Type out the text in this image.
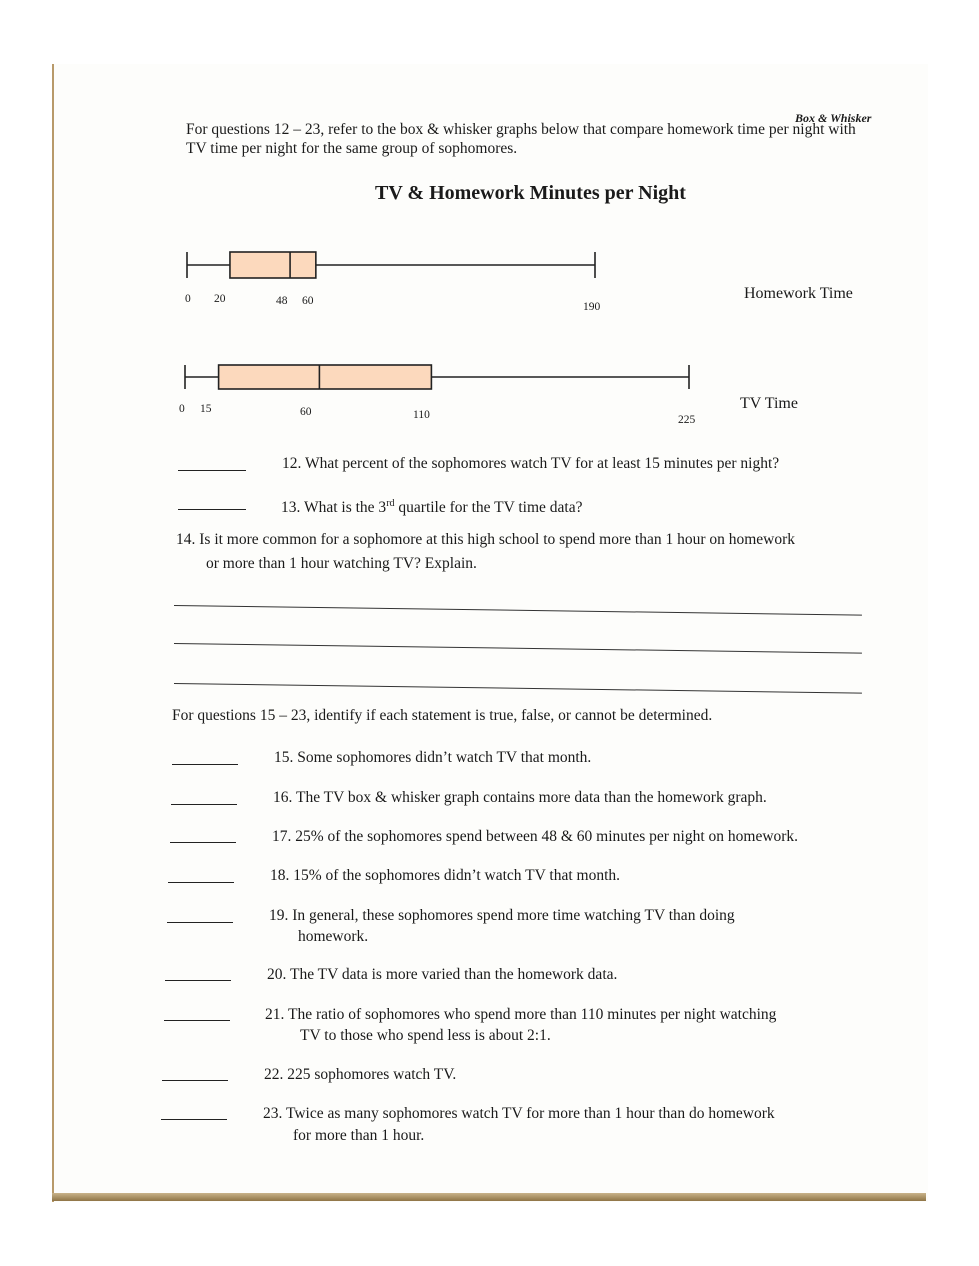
Box & Whisker
For questions 12 – 23, refer to the box & whisker graphs below that compare homework time per night with TV time per night for the same group of sophomores.
TV & Homework Minutes per Night
0 20	48 60	190
Homework Time
0 15	60	110	225
TV Time
12. What percent of the sophomores watch TV for at least 15 minutes per night?
13. What is the 3rd quartile for the TV time data?
14. Is it more common for a sophomore at this high school to spend more than 1 hour on homework
or more than 1 hour watching TV? Explain.
For questions 15 – 23, identify if each statement is true, false, or cannot be determined.
15. Some sophomores didn’t watch TV that month.
16. The TV box & whisker graph contains more data than the homework graph.
17. 25% of the sophomores spend between 48 & 60 minutes per night on homework.
18. 15% of the sophomores didn’t watch TV that month.
19. In general, these sophomores spend more time watching TV than doing
homework.
20. The TV data is more varied than the homework data.
21. The ratio of sophomores who spend more than 110 minutes per night watching
TV to those who spend less is about 2:1.
22. 225 sophomores watch TV.
23. Twice as many sophomores watch TV for more than 1 hour than do homework
for more than 1 hour.
